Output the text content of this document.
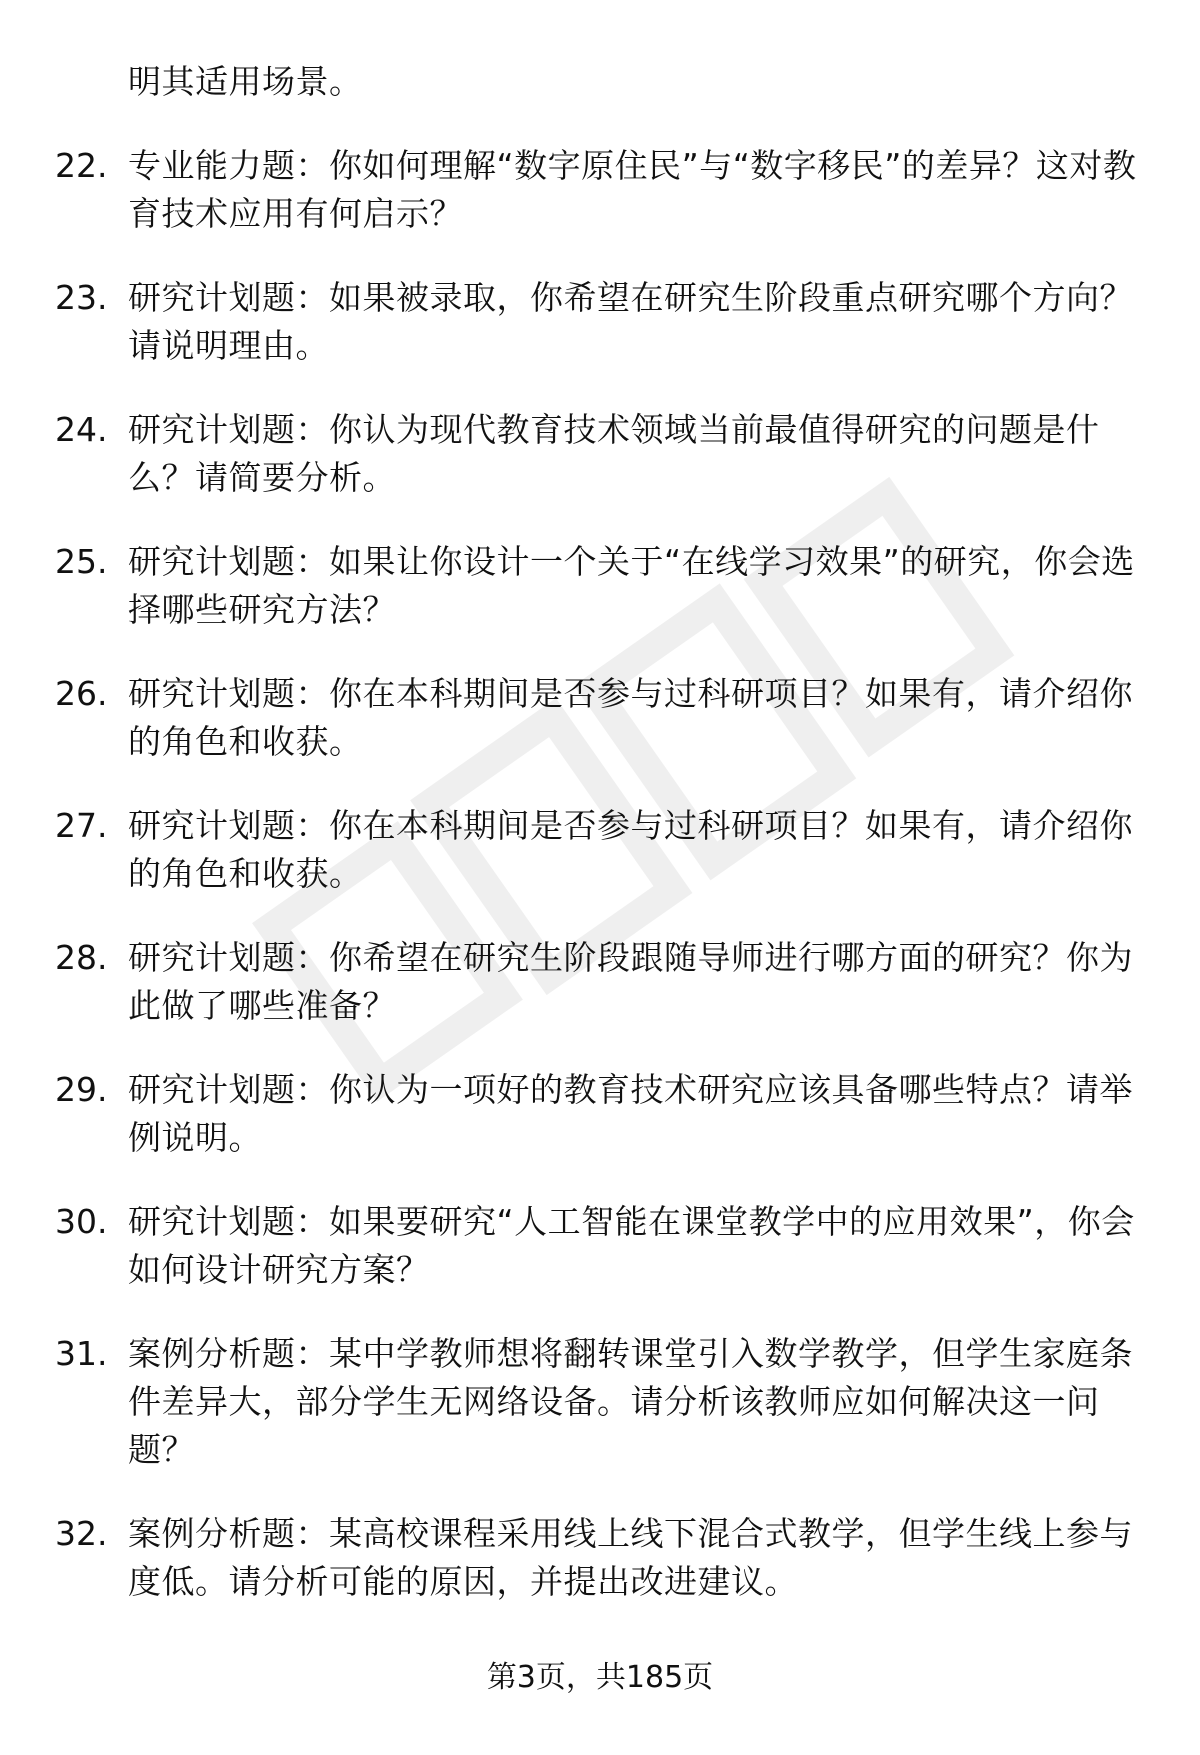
明其适用场景。
22. 专业能力题：你如何理解“数字原住民”与“数字移民”的差异？这对教育技术应用有何启示？
23. 研究计划题：如果被录取，你希望在研究生阶段重点研究哪个方向？请说明理由。
24. 研究计划题：你认为现代教育技术领域当前最值得研究的问题是什么？请简要分析。
25. 研究计划题：如果让你设计一个关于“在线学习效果”的研究，你会选择哪些研究方法？
26. 研究计划题：你在本科期间是否参与过科研项目？如果有，请介绍你的角色和收获。
27. 研究计划题：你在本科期间是否参与过科研项目？如果有，请介绍你的角色和收获。
28. 研究计划题：你希望在研究生阶段跟随导师进行哪方面的研究？你为此做了哪些准备？
29. 研究计划题：你认为一项好的教育技术研究应该具备哪些特点？请举例说明。
30. 研究计划题：如果要研究“人工智能在课堂教学中的应用效果”，你会如何设计研究方案？
31. 案例分析题：某中学教师想将翻转课堂引入数学教学，但学生家庭条件差异大，部分学生无网络设备。请分析该教师应如何解决这一问题？
32. 案例分析题：某高校课程采用线上线下混合式教学，但学生线上参与度低。请分析可能的原因，并提出改进建议。
第3页，共185页
